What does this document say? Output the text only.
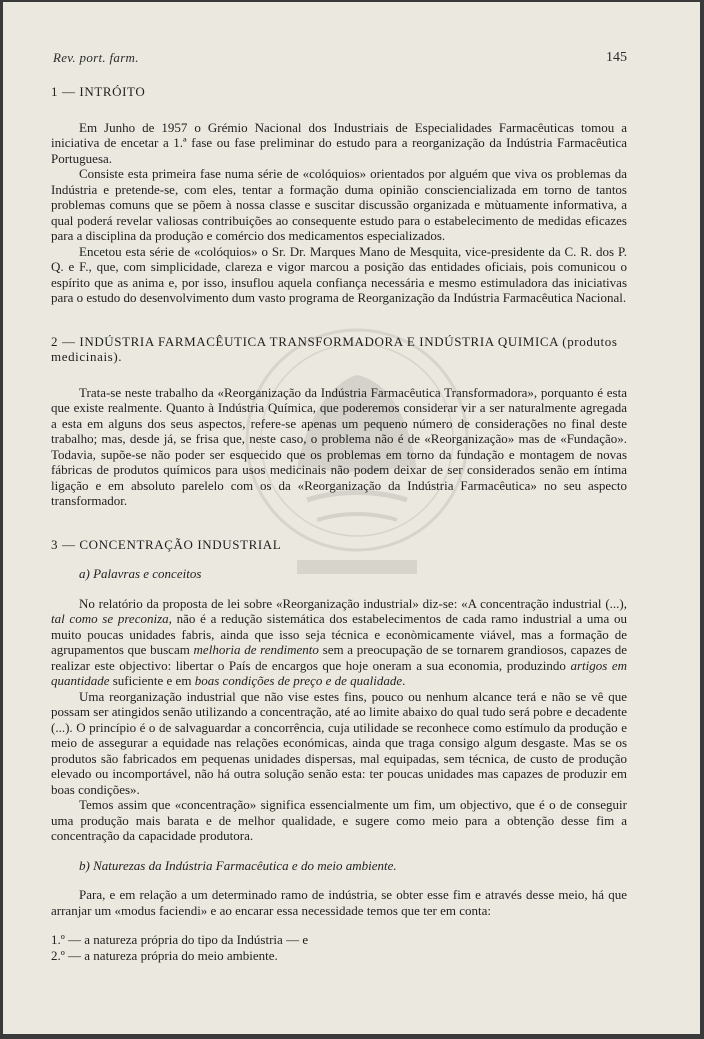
Rev. port. farm.	145

1 — INTRÓITO

Em Junho de 1957 o Grémio Nacional dos Industriais de Especialidades Farmacêuticas tomou a iniciativa de encetar a 1.ª fase ou fase preliminar do estudo para a reorganização da Indústria Farmacêutica Portuguesa.

Consiste esta primeira fase numa série de «colóquios» orientados por alguém que viva os problemas da Indústria e pretende-se, com eles, tentar a formação duma opinião consciencializada em torno de tantos problemas comuns que se põem à nossa classe e suscitar discussão organizada e mùtuamente informativa, a qual poderá revelar valiosas contribuições ao consequente estudo para o estabelecimento de medidas eficazes para a disciplina da produção e comércio dos medicamentos especializados.

Encetou esta série de «colóquios» o Sr. Dr. Marques Mano de Mesquita, vice-presidente da C. R. dos P. Q. e F., que, com simplicidade, clareza e vigor marcou a posição das entidades oficiais, pois comunicou o espírito que as anima e, por isso, insuflou aquela confiança necessária e mesmo estimuladora das iniciativas para o estudo do desenvolvimento dum vasto programa de Reorganização da Indústria Farmacêutica Nacional.

2 — INDÚSTRIA FARMACÊUTICA TRANSFORMADORA E INDÚSTRIA QUIMICA (produtos medicinais).

Trata-se neste trabalho da «Reorganização da Indústria Farmacêutica Transformadora», porquanto é esta que existe realmente. Quanto à Indústria Química, que poderemos considerar vir a ser naturalmente agregada a esta em alguns dos seus aspectos, refere-se apenas um pequeno número de considerações no final deste trabalho; mas, desde já, se frisa que, neste caso, o problema não é de «Reorganização» mas de «Fundação». Todavia, supõe-se não poder ser esquecido que os problemas em torno da fundação e montagem de novas fábricas de produtos químicos para usos medicinais não podem deixar de ser considerados senão em íntima ligação e em absoluto parelelo com os da «Reorganização da Indústria Farmacêutica» no seu aspecto transformador.

3 — CONCENTRAÇÃO INDUSTRIAL

a) Palavras e conceitos

No relatório da proposta de lei sobre «Reorganização industrial» diz-se: «A concentração industrial (...), tal como se preconiza, não é a redução sistemática dos estabelecimentos de cada ramo industrial a uma ou muito poucas unidades fabris, ainda que isso seja técnica e econòmicamente viável, mas a formação de agrupamentos que buscam melhoria de rendimento sem a preocupação de se tornarem grandiosos, capazes de realizar este objectivo: libertar o País de encargos que hoje oneram a sua economia, produzindo artigos em quantidade suficiente e em boas condições de preço e de qualidade.

Uma reorganização industrial que não vise estes fins, pouco ou nenhum alcance terá e não se vê que possam ser atingidos senão utilizando a concentração, até ao limite abaixo do qual tudo será pobre e decadente (...). O princípio é o de salvaguardar a concorrência, cuja utilidade se reconhece como estímulo da produção e meio de assegurar a equidade nas relações económicas, ainda que traga consigo algum desgaste. Mas se os produtos são fabricados em pequenas unidades dispersas, mal equipadas, sem técnica, de custo de produção elevado ou incomportável, não há outra solução senão esta: ter poucas unidades mas capazes de produzir em boas condições».

Temos assim que «concentração» significa essencialmente um fim, um objectivo, que é o de conseguir uma produção mais barata e de melhor qualidade, e sugere como meio para a obtenção desse fim a concentração da capacidade produtora.

b) Naturezas da Indústria Farmacêutica e do meio ambiente.

Para, e em relação a um determinado ramo de indústria, se obter esse fim e através desse meio, há que arranjar um «modus faciendi» e ao encarar essa necessidade temos que ter em conta:

1.º — a natureza própria do tipo da Indústria — e

2.º — a natureza própria do meio ambiente.
